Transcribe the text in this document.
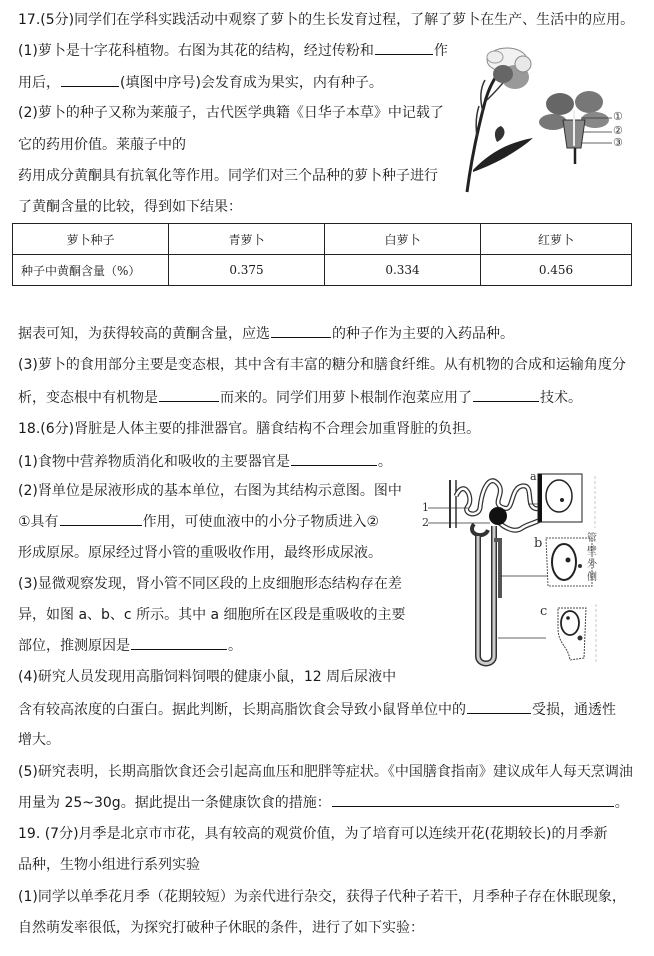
17.(5分)同学们在学科实践活动中观察了萝卜的生长发育过程，了解了萝卜在生产、生活中的应用。
(1)萝卜是十字花科植物。右图为其花的结构，经过传粉和	作
用后，	(填图中序号)会发育成为果实，内有种子。
(2)萝卜的种子又称为莱菔子，古代医学典籍《日华子本草》中记载了
它的药用价值。莱菔子中的
药用成分黄酮具有抗氧化等作用。同学们对三个品种的萝卜种子进行
了黄酮含量的比较，得到如下结果：
①
②
③
萝卜种子	青萝卜	白萝卜	红萝卜
种子中黄酮含量（%）	0.375	0.334	0.456
据表可知，为获得较高的黄酮含量，应选	的种子作为主要的入药品种。
(3)萝卜的食用部分主要是变态根，其中含有丰富的糖分和膳食纤维。从有机物的合成和运输角度分
析，变态根中有机物是	而来的。同学们用萝卜根制作泡菜应用了	技术。
18.(6分)肾脏是人体主要的排泄器官。膳食结构不合理会加重肾脏的负担。
(1)食物中营养物质消化和吸收的主要器官是	。
(2)肾单位是尿液形成的基本单位，右图为其结构示意图。图中
①具有	作用，可使血液中的小分子物质进入②
形成原尿。原尿经过肾小管的重吸收作用，最终形成尿液。
(3)显微观察发现，肾小管不同区段的上皮细胞形态结构存在差
异，如图 a、b、c 所示。其中 a 细胞所在区段是重吸收的主要
部位，推测原因是	。
(4)研究人员发现用高脂饲料饲喂的健康小鼠，12 周后尿液中
含有较高浓度的白蛋白。据此判断，长期高脂饮食会导致小鼠肾单位中的	受损，通透性
增大。
(5)研究表明，长期高脂饮食还会引起高血压和肥胖等症状。《中国膳食指南》建议成年人每天烹调油
用量为 25~30g。据此提出一条健康饮食的措施：	。
1
2
a
b
c
管
壁
外
侧
19. (7分)月季是北京市市花，具有较高的观赏价值，为了培育可以连续开花(花期较长)的月季新
品种，生物小组进行系列实验
(1)同学以单季花月季（花期较短）为亲代进行杂交，获得子代种子若干，月季种子存在休眠现象，
自然萌发率很低，为探究打破种子休眠的条件，进行了如下实验：
